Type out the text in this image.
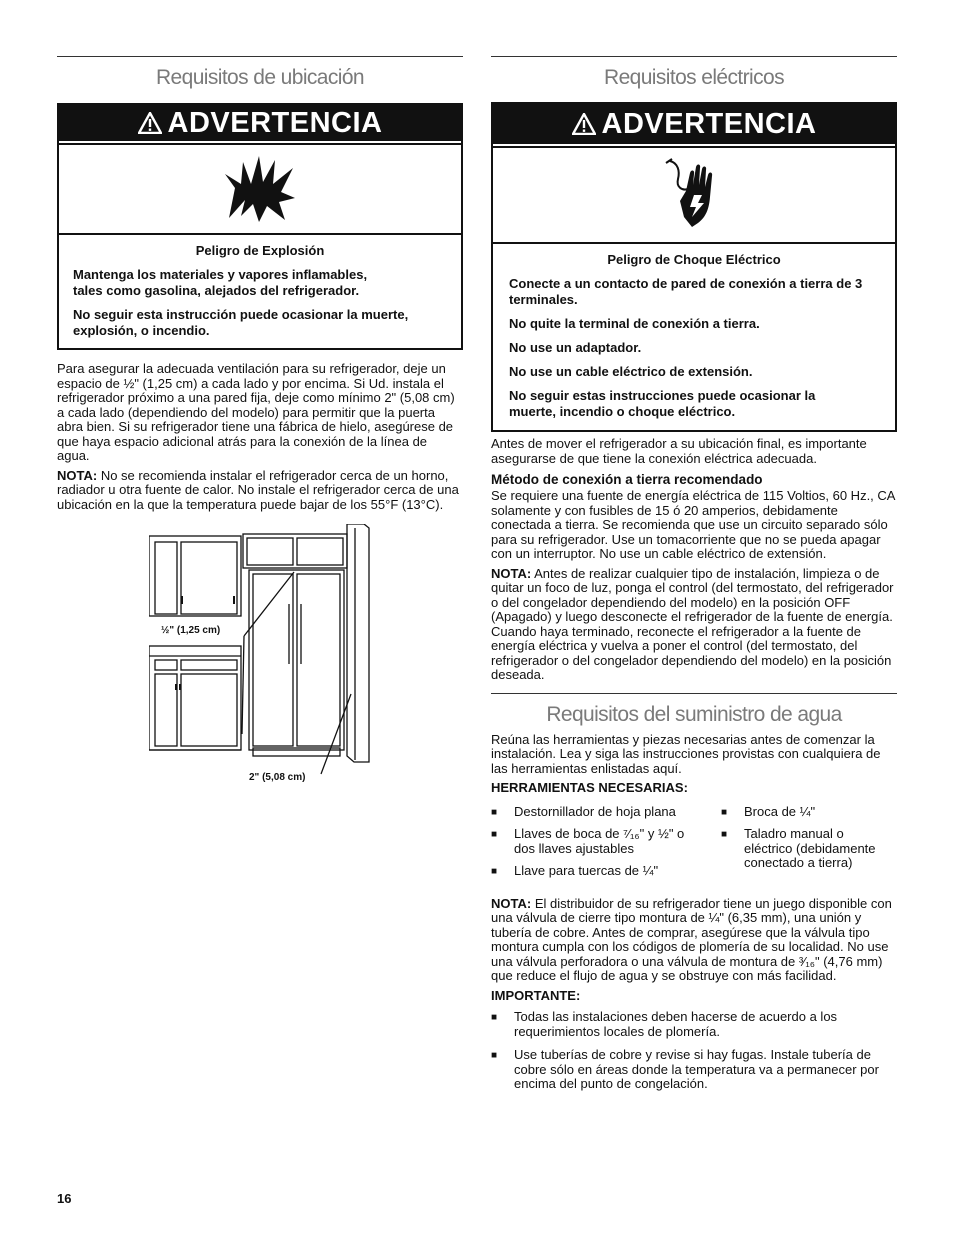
Requisitos de ubicación
ADVERTENCIA

Peligro de Explosión

Mantenga los materiales y vapores inflamables, tales como gasolina, alejados del refrigerador.

No seguir esta instrucción puede ocasionar la muerte, explosión, o incendio.

Para asegurar la adecuada ventilación para su refrigerador, deje un espacio de ½" (1,25 cm) a cada lado y por encima. Si Ud. instala el refrigerador próximo a una pared fija, deje como mínimo 2" (5,08 cm) a cada lado (dependiendo del modelo) para permitir que la puerta abra bien. Si su refrigerador tiene una fábrica de hielo, asegúrese de que haya espacio adicional atrás para la conexión de la línea de agua.

NOTA: No se recomienda instalar el refrigerador cerca de un horno, radiador u otra fuente de calor. No instale el refrigerador cerca de una ubicación en la que la temperatura puede bajar de los 55°F (13°C).

½" (1,25 cm)
2" (5,08 cm)
Requisitos eléctricos
ADVERTENCIA

Peligro de Choque Eléctrico

Conecte a un contacto de pared de conexión a tierra de 3 terminales.

No quite la terminal de conexión a tierra.

No use un adaptador.

No use un cable eléctrico de extensión.

No seguir estas instrucciones puede ocasionar la muerte, incendio o choque eléctrico.

Antes de mover el refrigerador a su ubicación final, es importante asegurarse de que tiene la conexión eléctrica adecuada.

Método de conexión a tierra recomendado

Se requiere una fuente de energía eléctrica de 115 Voltios, 60 Hz., CA solamente y con fusibles de 15 ó 20 amperios, debidamente conectada a tierra. Se recomienda que use un circuito separado sólo para su refrigerador. Use un tomacorriente que no se pueda apagar con un interruptor. No use un cable eléctrico de extensión.

NOTA: Antes de realizar cualquier tipo de instalación, limpieza o de quitar un foco de luz, ponga el control (del termostato, del refrigerador o del congelador dependiendo del modelo) en la posición OFF (Apagado) y luego desconecte el refrigerador de la fuente de energía. Cuando haya terminado, reconecte el refrigerador a la fuente de energía eléctrica y vuelva a poner el control (del termostato, del refrigerador o del congelador dependiendo del modelo) en la posición deseada.

Requisitos del suministro de agua

Reúna las herramientas y piezas necesarias antes de comenzar la instalación. Lea y siga las instrucciones provistas con cualquiera de las herramientas enlistadas aquí.

HERRAMIENTAS NECESARIAS:
■ Destornillador de hoja plana
■ Llaves de boca de ⁷⁄₁₆" y ½" o dos llaves ajustables
■ Llave para tuercas de ¼"
■ Broca de ¼"
■ Taladro manual o eléctrico (debidamente conectado a tierra)

NOTA: El distribuidor de su refrigerador tiene un juego disponible con una válvula de cierre tipo montura de ¼" (6,35 mm), una unión y tubería de cobre. Antes de comprar, asegúrese que la válvula tipo montura cumpla con los códigos de plomería de su localidad. No use una válvula perforadora o una válvula de montura de ³⁄₁₆" (4,76 mm) que reduce el flujo de agua y se obstruye con más facilidad.

IMPORTANTE:
■ Todas las instalaciones deben hacerse de acuerdo a los requerimientos locales de plomería.
■ Use tuberías de cobre y revise si hay fugas. Instale tubería de cobre sólo en áreas donde la temperatura va a permanecer por encima del punto de congelación.
16
